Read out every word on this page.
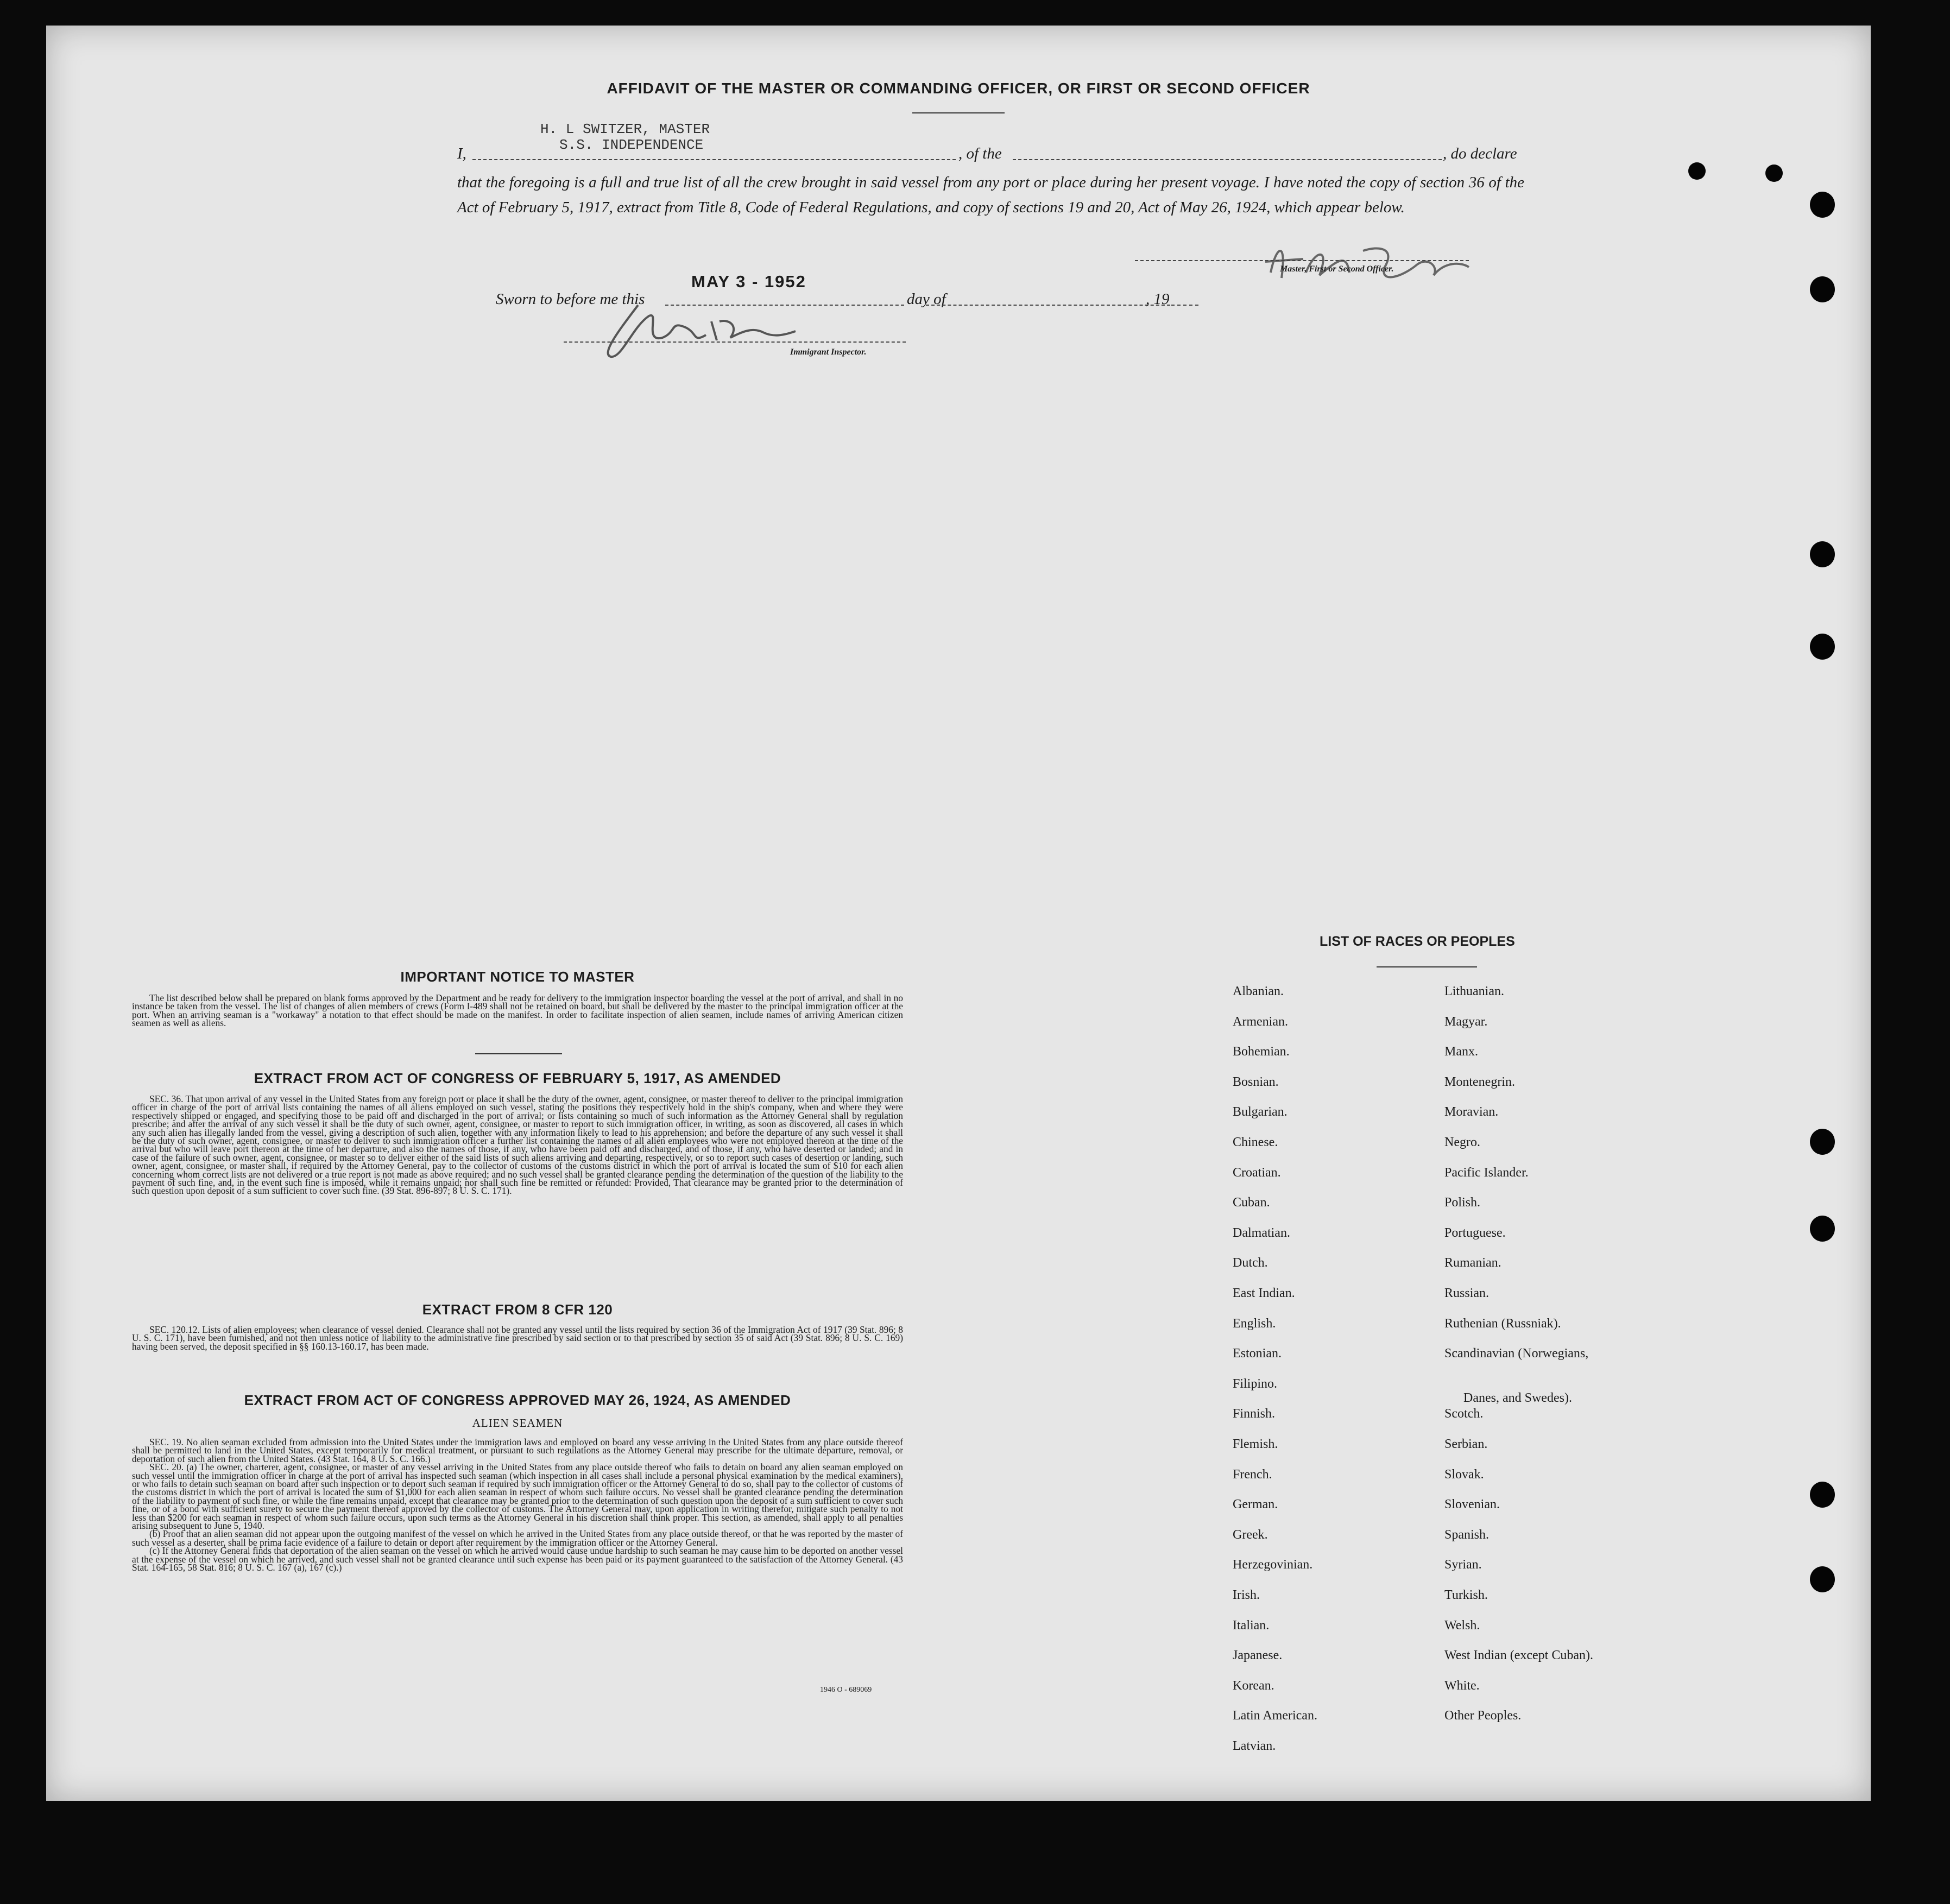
AFFIDAVIT OF THE MASTER OR COMMANDING OFFICER, OR FIRST OR SECOND OFFICER
H. L SWITZER, MASTER
S.S. INDEPENDENCE
I,	, of the	, do declare
that the foregoing is a full and true list of all the crew brought in said vessel from any port or place during her present voyage. I have noted the copy of section 36 of the Act of February 5, 1917, extract from Title 8, Code of Federal Regulations, and copy of sections 19 and 20, Act of May 26, 1924, which appear below.
Master, First or Second Officer.
Sworn to before me this
MAY 3 - 1952
day of	, 19
Immigrant Inspector.
IMPORTANT NOTICE TO MASTER

The list described below shall be prepared on blank forms approved by the Department and be ready for delivery to the immigration inspector boarding the vessel at the port of arrival, and shall in no instance be taken from the vessel. The list of changes of alien members of crews (Form I-489 shall not be retained on board, but shall be delivered by the master to the principal immigration officer at the port. When an arriving seaman is a "workaway" a notation to that effect should be made on the manifest. In order to facilitate inspection of alien seamen, include names of arriving American citizen seamen as well as aliens.

EXTRACT FROM ACT OF CONGRESS OF FEBRUARY 5, 1917, AS AMENDED

SEC. 36. That upon arrival of any vessel in the United States from any foreign port or place it shall be the duty of the owner, agent, consignee, or master thereof to deliver to the principal immigration officer in charge of the port of arrival lists containing the names of all aliens employed on such vessel, stating the positions they respectively hold in the ship's company, when and where they were respectively shipped or engaged, and specifying those to be paid off and discharged in the port of arrival; or lists containing so much of such information as the Attorney General shall by regulation prescribe; and after the arrival of any such vessel it shall be the duty of such owner, agent, consignee, or master to report to such immigration officer, in writing, as soon as discovered, all cases in which any such alien has illegally landed from the vessel, giving a description of such alien, together with any information likely to lead to his apprehension; and before the departure of any such vessel it shall be the duty of such owner, agent, consignee, or master to deliver to such immigration officer a further list containing the names of all alien employees who were not employed thereon at the time of the arrival but who will leave port thereon at the time of her departure, and also the names of those, if any, who have been paid off and discharged, and of those, if any, who have deserted or landed; and in case of the failure of such owner, agent, consignee, or master so to deliver either of the said lists of such aliens arriving and departing, respectively, or so to report such cases of desertion or landing, such owner, agent, consignee, or master shall, if required by the Attorney General, pay to the collector of customs of the customs district in which the port of arrival is located the sum of $10 for each alien concerning whom correct lists are not delivered or a true report is not made as above required; and no such vessel shall be granted clearance pending the determination of the question of the liability to the payment of such fine, and, in the event such fine is imposed, while it remains unpaid; nor shall such fine be remitted or refunded: Provided, That clearance may be granted prior to the determination of such question upon deposit of a sum sufficient to cover such fine. (39 Stat. 896-897; 8 U. S. C. 171).

EXTRACT FROM 8 CFR 120

SEC. 120.12. Lists of alien employees; when clearance of vessel denied. Clearance shall not be granted any vessel until the lists required by section 36 of the Immigration Act of 1917 (39 Stat. 896; 8 U. S. C. 171), have been furnished, and not then unless notice of liability to the administrative fine prescribed by said section or to that prescribed by section 35 of said Act (39 Stat. 896; 8 U. S. C. 169) having been served, the deposit specified in §§ 160.13-160.17, has been made.

EXTRACT FROM ACT OF CONGRESS APPROVED MAY 26, 1924, AS AMENDED
ALIEN SEAMEN

SEC. 19. No alien seaman excluded from admission into the United States under the immigration laws and employed on board any vesse arriving in the United States from any place outside thereof shall be permitted to land in the United States, except temporarily for medical treatment, or pursuant to such regulations as the Attorney General may prescribe for the ultimate departure, removal, or deportation of such alien from the United States. (43 Stat. 164, 8 U. S. C. 166.)

SEC. 20. (a) The owner, charterer, agent, consignee, or master of any vessel arriving in the United States from any place outside thereof who fails to detain on board any alien seaman employed on such vessel until the immigration officer in charge at the port of arrival has inspected such seaman (which inspection in all cases shall include a personal physical examination by the medical examiners), or who fails to detain such seaman on board after such inspection or to deport such seaman if required by such immigration officer or the Attorney General to do so, shall pay to the collector of customs of the customs district in which the port of arrival is located the sum of $1,000 for each alien seaman in respect of whom such failure occurs. No vessel shall be granted clearance pending the determination of the liability to payment of such fine, or while the fine remains unpaid, except that clearance may be granted prior to the determination of such question upon the deposit of a sum sufficient to cover such fine, or of a bond with sufficient surety to secure the payment thereof approved by the collector of customs. The Attorney General may, upon application in writing therefor, mitigate such penalty to not less than $200 for each seaman in respect of whom such failure occurs, upon such terms as the Attorney General in his discretion shall think proper. This section, as amended, shall apply to all penalties arising subsequent to June 5, 1940.

(b) Proof that an alien seaman did not appear upon the outgoing manifest of the vessel on which he arrived in the United States from any place outside thereof, or that he was reported by the master of such vessel as a deserter, shall be prima facie evidence of a failure to detain or deport after requirement by the immigration officer or the Attorney General.

(c) If the Attorney General finds that deportation of the alien seaman on the vessel on which he arrived would cause undue hardship to such seaman he may cause him to be deported on another vessel at the expense of the vessel on which he arrived, and such vessel shall not be granted clearance until such expense has been paid or its payment guaranteed to the satisfaction of the Attorney General. (43 Stat. 164-165, 58 Stat. 816; 8 U. S. C. 167 (a), 167 (c).)

1946 O - 689069
LIST OF RACES OR PEOPLES
Albanian.
Armenian.
Bohemian.
Bosnian.
Bulgarian.
Chinese.
Croatian.
Cuban.
Dalmatian.
Dutch.
East Indian.
English.
Estonian.
Filipino.
Finnish.
Flemish.
French.
German.
Greek.
Herzegovinian.
Irish.
Italian.
Japanese.
Korean.
Latin American.
Latvian.
Lithuanian.
Magyar.
Manx.
Montenegrin.
Moravian.
Negro.
Pacific Islander.
Polish.
Portuguese.
Rumanian.
Russian.
Ruthenian (Russniak).
Scandinavian (Norwegians,
Danes, and Swedes).
Scotch.
Serbian.
Slovak.
Slovenian.
Spanish.
Syrian.
Turkish.
Welsh.
West Indian (except Cuban).
White.
Other Peoples.
